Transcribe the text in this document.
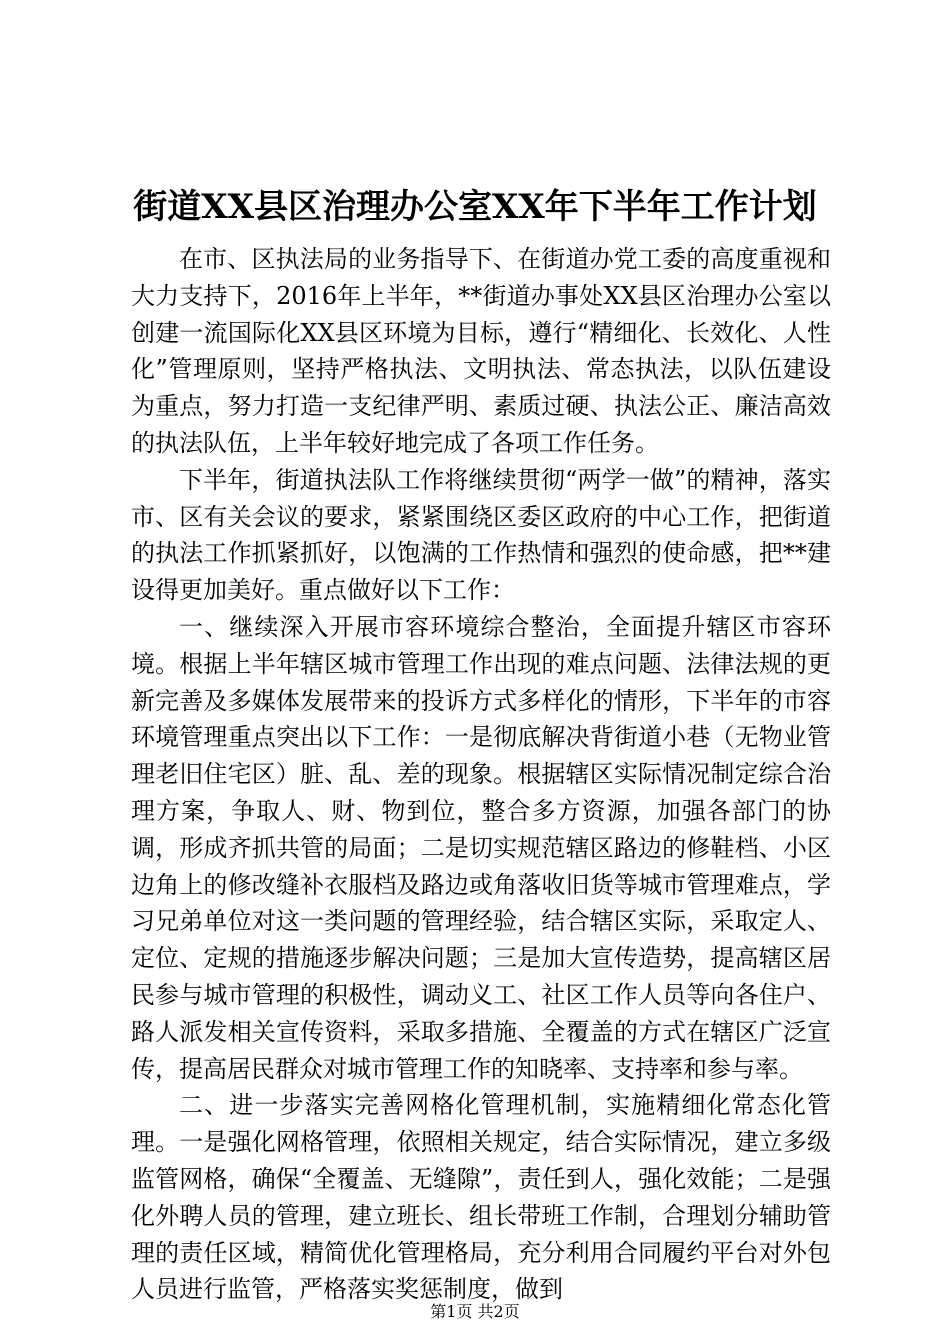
街道XX县区治理办公室XX年下半年工作计划

在市、区执法局的业务指导下、在街道办党工委的高度重视和大力支持下，2016年上半年，**街道办事处XX县区治理办公室以创建一流国际化XX县区环境为目标，遵行“精细化、长效化、人性化”管理原则，坚持严格执法、文明执法、常态执法，以队伍建设为重点，努力打造一支纪律严明、素质过硬、执法公正、廉洁高效的执法队伍，上半年较好地完成了各项工作任务。

下半年，街道执法队工作将继续贯彻“两学一做”的精神，落实市、区有关会议的要求，紧紧围绕区委区政府的中心工作，把街道的执法工作抓紧抓好，以饱满的工作热情和强烈的使命感，把**建设得更加美好。重点做好以下工作：

一、继续深入开展市容环境综合整治，全面提升辖区市容环境。根据上半年辖区城市管理工作出现的难点问题、法律法规的更新完善及多媒体发展带来的投诉方式多样化的情形，下半年的市容环境管理重点突出以下工作：一是彻底解决背街道小巷（无物业管理老旧住宅区）脏、乱、差的现象。根据辖区实际情况制定综合治理方案，争取人、财、物到位，整合多方资源，加强各部门的协调，形成齐抓共管的局面；二是切实规范辖区路边的修鞋档、小区边角上的修改缝补衣服档及路边或角落收旧货等城市管理难点，学习兄弟单位对这一类问题的管理经验，结合辖区实际，采取定人、定位、定规的措施逐步解决问题；三是加大宣传造势，提高辖区居民参与城市管理的积极性，调动义工、社区工作人员等向各住户、路人派发相关宣传资料，采取多措施、全覆盖的方式在辖区广泛宣传，提高居民群众对城市管理工作的知晓率、支持率和参与率。

二、进一步落实完善网格化管理机制，实施精细化常态化管理。一是强化网格管理，依照相关规定，结合实际情况，建立多级监管网格，确保“全覆盖、无缝隙”，责任到人，强化效能；二是强化外聘人员的管理，建立班长、组长带班工作制，合理划分辅助管理的责任区域，精简优化管理格局，充分利用合同履约平台对外包人员进行监管，严格落实奖惩制度，做到

第1页 共2页
